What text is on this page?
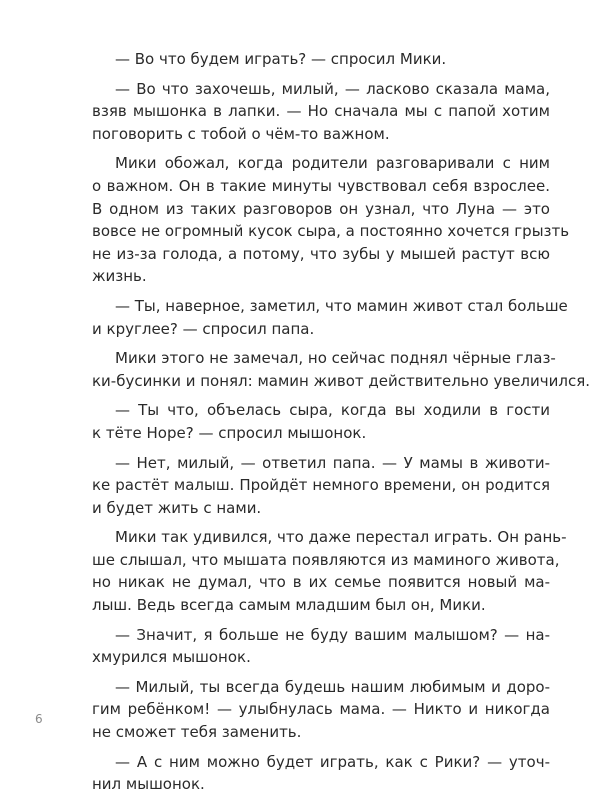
— Во что будем играть? — спросил Мики.

— Во что захочешь, милый, — ласково сказала мама,
взяв мышонка в лапки. — Но сначала мы с папой хотим
поговорить с тобой о чём-то важном.

Мики обожал, когда родители разговаривали с ним
о важном. Он в такие минуты чувствовал себя взрослее.
В одном из таких разговоров он узнал, что Луна — это
вовсе не огромный кусок сыра, а постоянно хочется грызть
не из-за голода, а потому, что зубы у мышей растут всю
жизнь.

— Ты, наверное, заметил, что мамин живот стал больше
и круглее? — спросил папа.

Мики этого не замечал, но сейчас поднял чёрные глаз-
ки-бусинки и понял: мамин живот действительно увеличился.

— Ты что, объелась сыра, когда вы ходили в гости
к тёте Норе? — спросил мышонок.

— Нет, милый, — ответил папа. — У мамы в животи-
ке растёт малыш. Пройдёт немного времени, он родится
и будет жить с нами.

Мики так удивился, что даже перестал играть. Он рань-
ше слышал, что мышата появляются из маминого живота,
но никак не думал, что в их семье появится новый ма-
лыш. Ведь всегда самым младшим был он, Мики.

— Значит, я больше не буду вашим малышом? — на-
хмурился мышонок.

— Милый, ты всегда будешь нашим любимым и доро-
гим ребёнком! — улыбнулась мама. — Никто и никогда
не сможет тебя заменить.

— А с ним можно будет играть, как с Рики? — уточ-
нил мышонок.

6
